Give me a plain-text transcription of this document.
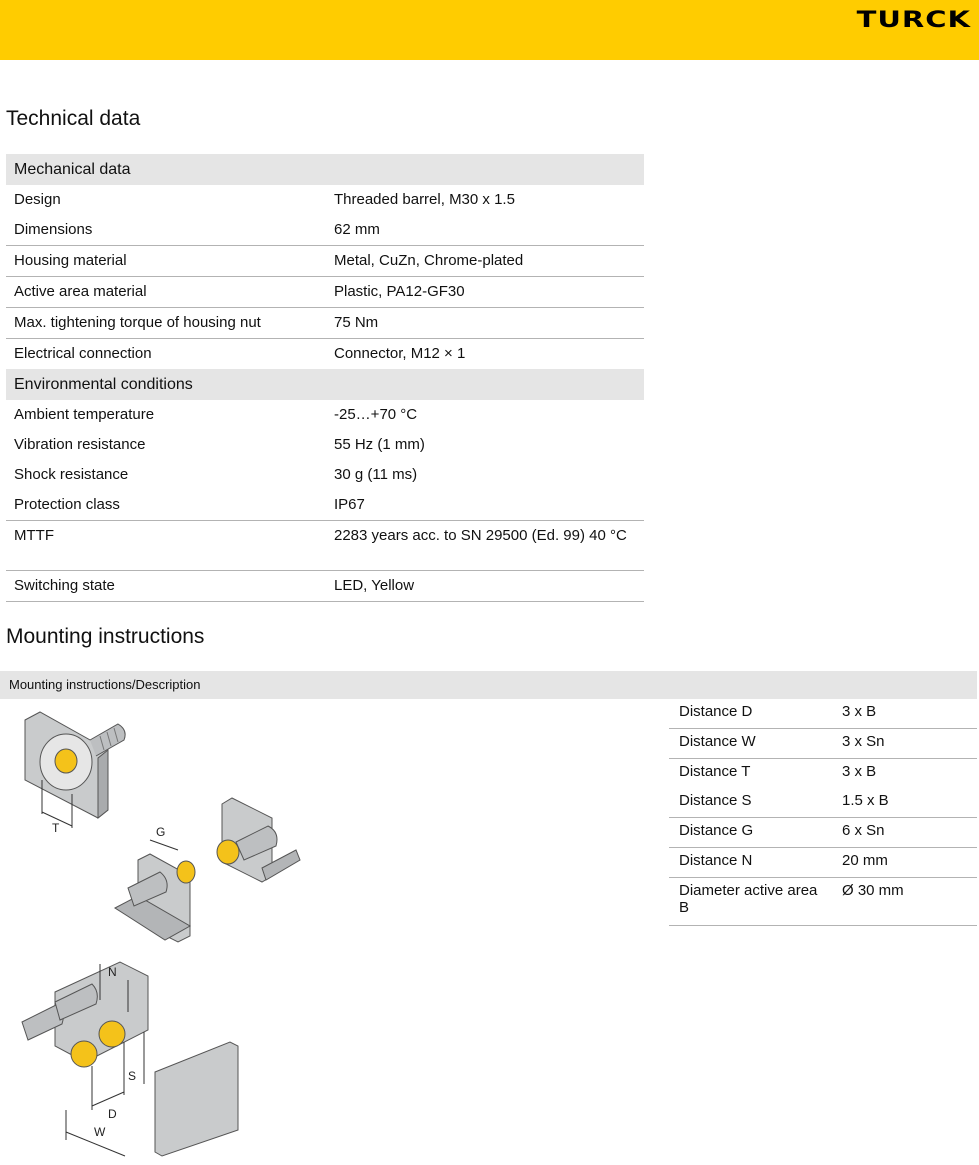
TURCK
Technical data
Mechanical data	
Design	Threaded barrel, M30 x 1.5
Dimensions	62 mm
Housing material	Metal, CuZn, Chrome-plated
Active area material	Plastic, PA12-GF30
Max. tightening torque of housing nut	75 Nm
Electrical connection	Connector, M12 × 1
Environmental conditions	
Ambient temperature	-25…+70 °C
Vibration resistance	55 Hz (1 mm)
Shock resistance	30 g (11 ms)
Protection class	IP67
MTTF	2283 years acc. to SN 29500 (Ed. 99) 40 °C
Switching state	LED, Yellow
Mounting instructions
Mounting instructions/Description
T	G
N
S
D
W
Distance D	3 x B
Distance W	3 x Sn
Distance T	3 x B
Distance S	1.5 x B
Distance G	6 x Sn
Distance N	20 mm
Diameter active area B	Ø 30 mm
